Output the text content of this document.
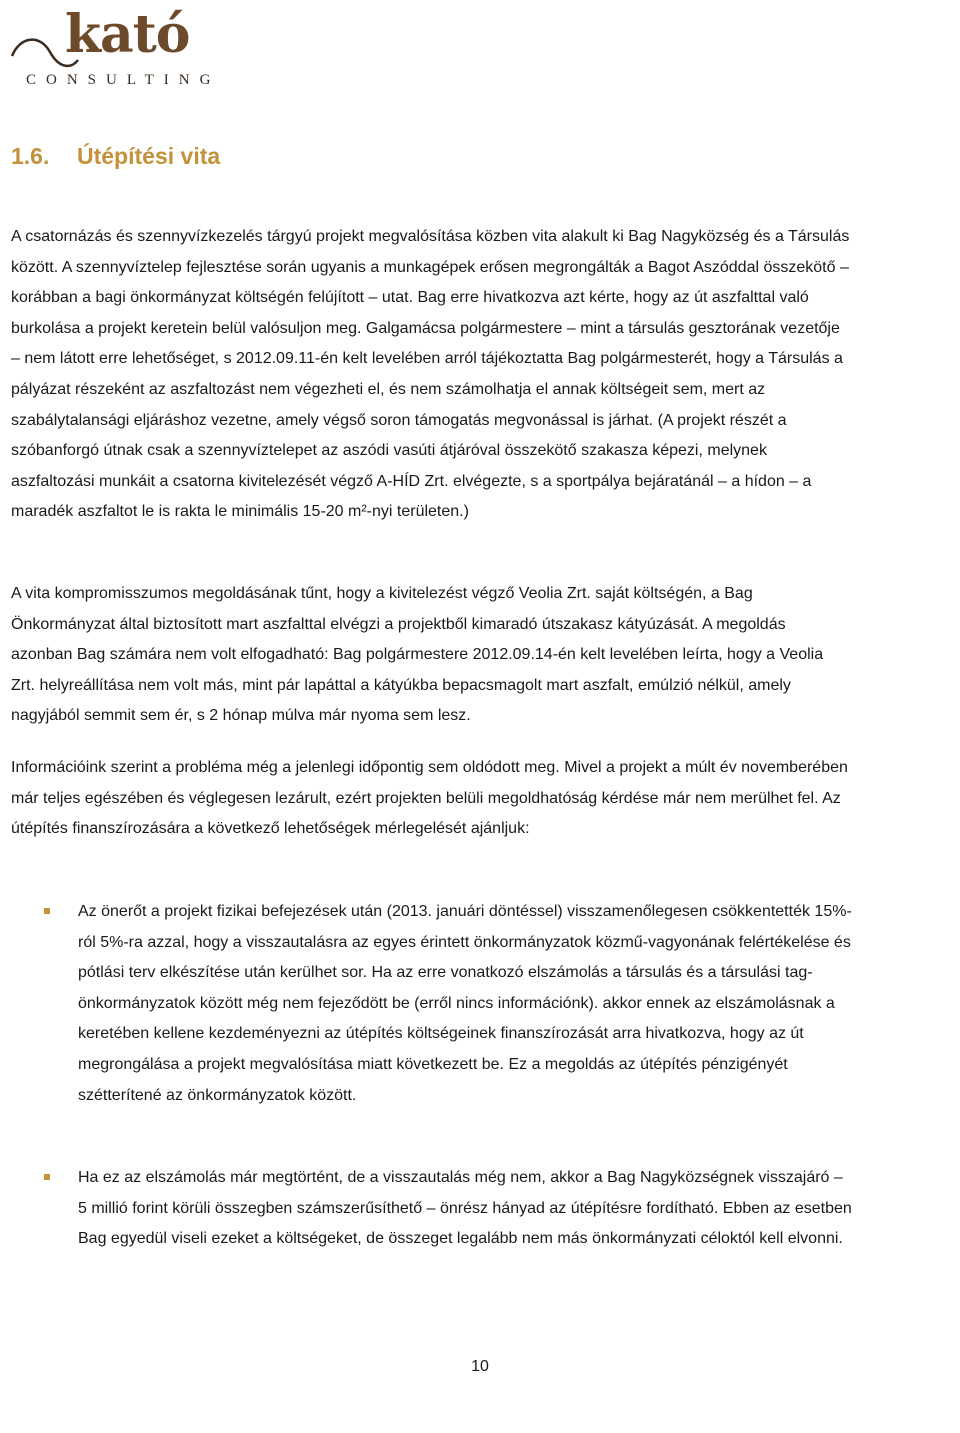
kató
CONSULTING
1.6. Útépítési vita

A csatornázás és szennyvízkezelés tárgyú projekt megvalósítása közben vita alakult ki Bag Nagyközség és a Társulás között. A szennyvíztelep fejlesztése során ugyanis a munkagépek erősen megrongálták a Bagot Aszóddal összekötő – korábban a bagi önkormányzat költségén felújított – utat. Bag erre hivatkozva azt kérte, hogy az út aszfalttal való burkolása a projekt keretein belül valósuljon meg. Galgamácsa polgármestere – mint a társulás gesztorának vezetője – nem látott erre lehetőséget, s 2012.09.11-én kelt levelében arról tájékoztatta Bag polgármesterét, hogy a Társulás a pályázat részeként az aszfaltozást nem végezheti el, és nem számolhatja el annak költségeit sem, mert az szabálytalansági eljáráshoz vezetne, amely végső soron támogatás megvonással is járhat. (A projekt részét a szóbanforgó útnak csak a szennyvíztelepet az aszódi vasúti átjáróval összekötő szakasza képezi, melynek aszfaltozási munkáit a csatorna kivitelezését végző A-HÍD Zrt. elvégezte, s a sportpálya bejáratánál – a hídon – a maradék aszfaltot le is rakta le minimális 15-20 m²-nyi területen.)

A vita kompromisszumos megoldásának tűnt, hogy a kivitelezést végző Veolia Zrt. saját költségén, a Bag Önkormányzat által biztosított mart aszfalttal elvégzi a projektből kimaradó útszakasz kátyúzását. A megoldás azonban Bag számára nem volt elfogadható: Bag polgármestere 2012.09.14-én kelt levelében leírta, hogy a Veolia Zrt. helyreállítása nem volt más, mint pár lapáttal a kátyúkba bepacsmagolt mart aszfalt, emúlzió nélkül, amely nagyjából semmit sem ér, s 2 hónap múlva már nyoma sem lesz.

Információink szerint a probléma még a jelenlegi időpontig sem oldódott meg. Mivel a projekt a múlt év novemberében már teljes egészében és véglegesen lezárult, ezért projekten belüli megoldhatóság kérdése már nem merülhet fel. Az útépítés finanszírozására a következő lehetőségek mérlegelését ajánljuk:

Az önerőt a projekt fizikai befejezések után (2013. januári döntéssel) visszamenőlegesen csökkentették 15%-ról 5%-ra azzal, hogy a visszautalásra az egyes érintett önkormányzatok közmű-vagyonának felértékelése és pótlási terv elkészítése után kerülhet sor. Ha az erre vonatkozó elszámolás a társulás és a társulási tag-önkormányzatok között még nem fejeződött be (erről nincs információnk). akkor ennek az elszámolásnak a keretében kellene kezdeményezni az útépítés költségeinek finanszírozását arra hivatkozva, hogy az út megrongálása a projekt megvalósítása miatt következett be. Ez a megoldás az útépítés pénzigényét szétterítené az önkormányzatok között.

Ha ez az elszámolás már megtörtént, de a visszautalás még nem, akkor a Bag Nagyközségnek visszajáró – 5 millió forint körüli összegben számszerűsíthető – önrész hányad az útépítésre fordítható. Ebben az esetben Bag egyedül viseli ezeket a költségeket, de összeget legalább nem más önkormányzati céloktól kell elvonni.

10
